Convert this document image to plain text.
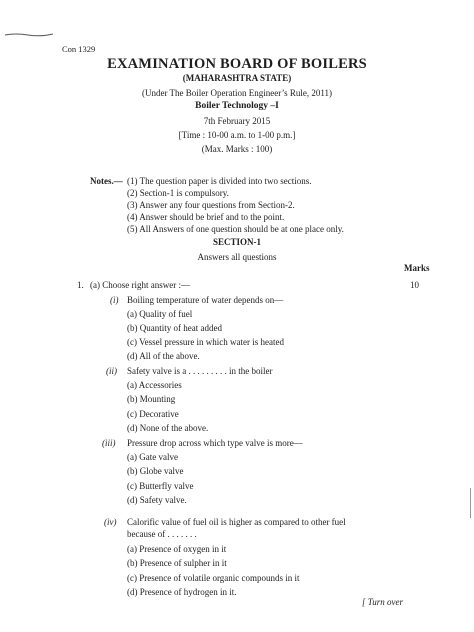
Con 1329
EXAMINATION BOARD OF BOILERS
(MAHARASHTRA STATE)
(Under The Boiler Operation Engineer’s Rule, 2011)
Boiler Technology –I
7th February 2015
[Time : 10-00 a.m. to 1-00 p.m.]
(Max. Marks : 100)
Notes.— (1) The question paper is divided into two sections.
(2) Section-1 is compulsory.
(3) Answer any four questions from Section-2.
(4) Answer should be brief and to the point.
(5) All Answers of one question should be at one place only.
SECTION-1
Answers all questions
Marks
1. (a) Choose right answer :—	10
(i) Boiling temperature of water depends on—
(a) Quality of fuel
(b) Quantity of heat added
(c) Vessel pressure in which water is heated
(d) All of the above.
(ii) Safety valve is a . . . . . . . . . in the boiler
(a) Accessories
(b) Mounting
(c) Decorative
(d) None of the above.
(iii) Pressure drop across which type valve is more—
(a) Gate valve
(b) Globe valve
(c) Butterfly valve
(d) Safety valve.
(iv) Calorific value of fuel oil is higher as compared to other fuel
because of . . . . . . .
(a) Presence of oxygen in it
(b) Presence of sulpher in it
(c) Presence of volatile organic compounds in it
(d) Presence of hydrogen in it.
[ Turn over
